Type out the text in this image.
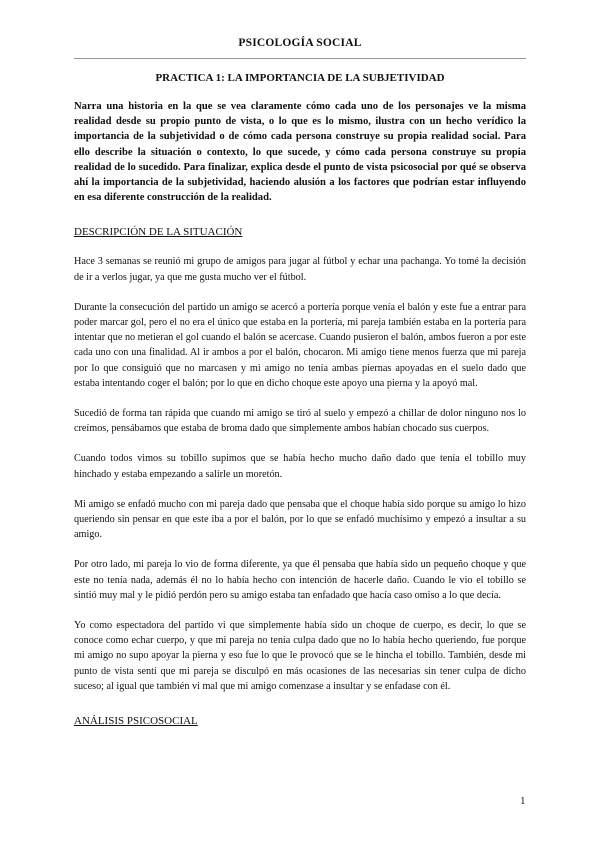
PSICOLOGÍA SOCIAL
PRACTICA 1: LA IMPORTANCIA DE LA SUBJETIVIDAD

Narra una historia en la que se vea claramente cómo cada uno de los personajes ve la misma realidad desde su propio punto de vista, o lo que es lo mismo, ilustra con un hecho verídico la importancia de la subjetividad o de cómo cada persona construye su propia realidad social. Para ello describe la situación o contexto, lo que sucede, y cómo cada persona construye su propia realidad de lo sucedido. Para finalizar, explica desde el punto de vista psicosocial por qué se observa ahí la importancia de la subjetividad, haciendo alusión a los factores que podrían estar influyendo en esa diferente construcción de la realidad.

DESCRIPCIÓN DE LA SITUACIÓN

Hace 3 semanas se reunió mi grupo de amigos para jugar al fútbol y echar una pachanga. Yo tomé la decisión de ir a verlos jugar, ya que me gusta mucho ver el fútbol.

Durante la consecución del partido un amigo se acercó a portería porque venía el balón y este fue a entrar para poder marcar gol, pero el no era el único que estaba en la portería, mi pareja también estaba en la portería para intentar que no metieran el gol cuando el balón se acercase. Cuando pusieron el balón, ambos fueron a por este cada uno con una finalidad. Al ir ambos a por el balón, chocaron. Mi amigo tiene menos fuerza que mi pareja por lo que consiguió que no marcasen y mi amigo no tenía ambas piernas apoyadas en el suelo dado que estaba intentando coger el balón; por lo que en dicho choque este apoyo una pierna y la apoyó mal.

Sucedió de forma tan rápida que cuando mi amigo se tiró al suelo y empezó a chillar de dolor ninguno nos lo creímos, pensábamos que estaba de broma dado que simplemente ambos habían chocado sus cuerpos.

Cuando todos vimos su tobillo supimos que se había hecho mucho daño dado que tenía el tobillo muy hinchado y estaba empezando a salirle un moretón.

Mi amigo se enfadó mucho con mi pareja dado que pensaba que el choque había sido porque su amigo lo hizo queriendo sin pensar en que este iba a por el balón, por lo que se enfadó muchísimo y empezó a insultar a su amigo.

Por otro lado, mi pareja lo vio de forma diferente, ya que él pensaba que había sido un pequeño choque y que este no tenía nada, además él no lo había hecho con intención de hacerle daño. Cuando le vio el tobillo se sintió muy mal y le pidió perdón pero su amigo estaba tan enfadado que hacía caso omiso a lo que decía.

Yo como espectadora del partido vi que simplemente había sido un choque de cuerpo, es decir, lo que se conoce como echar cuerpo, y que mi pareja no tenía culpa dado que no lo había hecho queriendo, fue porque mi amigo no supo apoyar la pierna y eso fue lo que le provocó que se le hincha el tobillo. También, desde mi punto de vista sentí que mi pareja se disculpó en más ocasiones de las necesarias sin tener culpa de dicho suceso; al igual que también vi mal que mi amigo comenzase a insultar y se enfadase con él.

ANÁLISIS PSICOSOCIAL
1
